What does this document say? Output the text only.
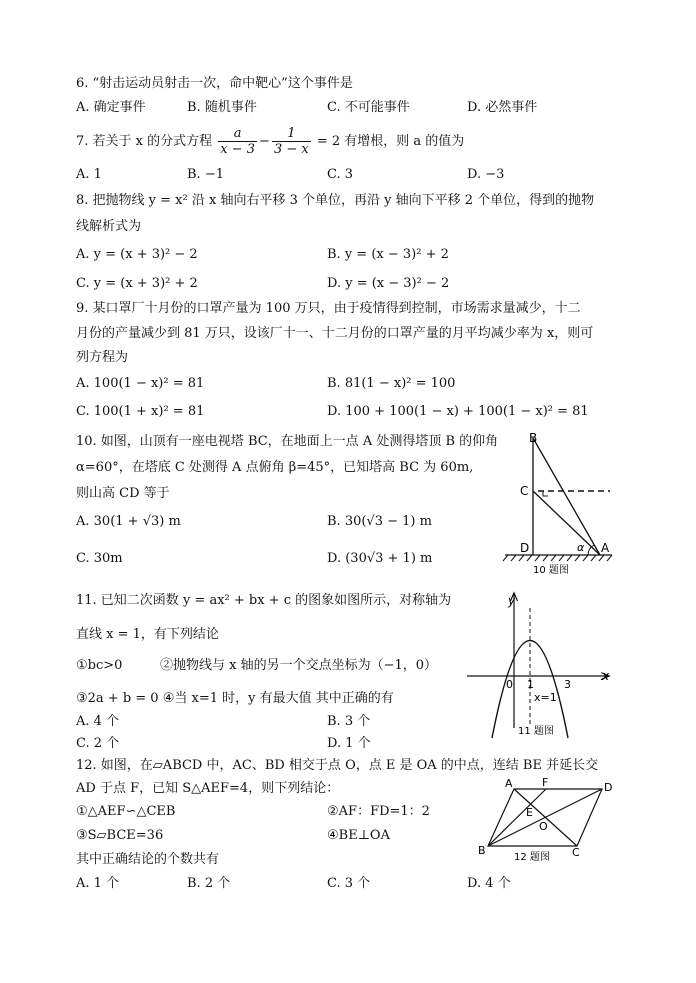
6. “射击运动员射击一次，命中靶心”这个事件是
A. 确定事件	B. 随机事件	C. 不可能事件	D. 必然事件
7. 若关于 x 的分式方程 $\frac{a}{x - 3} - \frac{1}{3 - x} = 2$ 有增根，则 a 的值为
A. 1	B. −1	C. 3	D. −3
8. 把抛物线 y = x² 沿 x 轴向右平移 3 个单位，再沿 y 轴向下平移 2 个单位，得到的抛物
线解析式为
A. y = (x + 3)² − 2	B. y = (x − 3)² + 2
C. y = (x + 3)² + 2	D. y = (x − 3)² − 2
9. 某口罩厂十月份的口罩产量为 100 万只，由于疫情得到控制，市场需求量减少，十二
月份的产量减少到 81 万只，设该厂十一、十二月份的口罩产量的月平均减少率为 x，则可
列方程为
A. 100(1 − x)² = 81	B. 81(1 − x)² = 100
C. 100(1 + x)² = 81	D. 100 + 100(1 − x) + 100(1 − x)² = 81
10. 如图，山顶有一座电视塔 BC，在地面上一点 A 处测得塔顶 B 的仰角
α=60°，在塔底 C 处测得 A 点俯角 β=45°，已知塔高 BC 为 60m,
则山高 CD 等于
A. 30(1 + √3) m	B. 30(√3 − 1) m
C. 30m	D. (30√3 + 1) m
B
C
D	A
α
10 题图
11. 已知二次函数 y = ax² + bx + c 的图象如图所示，对称轴为
直线 x = 1，有下列结论
①bc>0	②抛物线与 x 轴的另一个交点坐标为（−1，0）
③2a + b = 0 ④当 x=1 时，y 有最大值 其中正确的有
A. 4 个	B. 3 个
C. 2 个	D. 1 个
y
x
0 1	3
x=1
11 题图
12. 如图，在▱ABCD 中，AC、BD 相交于点 O，点 E 是 OA 的中点，连结 BE 并延长交
AD 于点 F，已知 S△AEF=4，则下列结论：
①△AEF∽△CEB	②AF：FD=1：2
③S▱BCE=36	④BE⊥OA
其中正确结论的个数共有
A. 1 个	B. 2 个	C. 3 个	D. 4 个
A	F	D
E
O
B	C
12 题图
